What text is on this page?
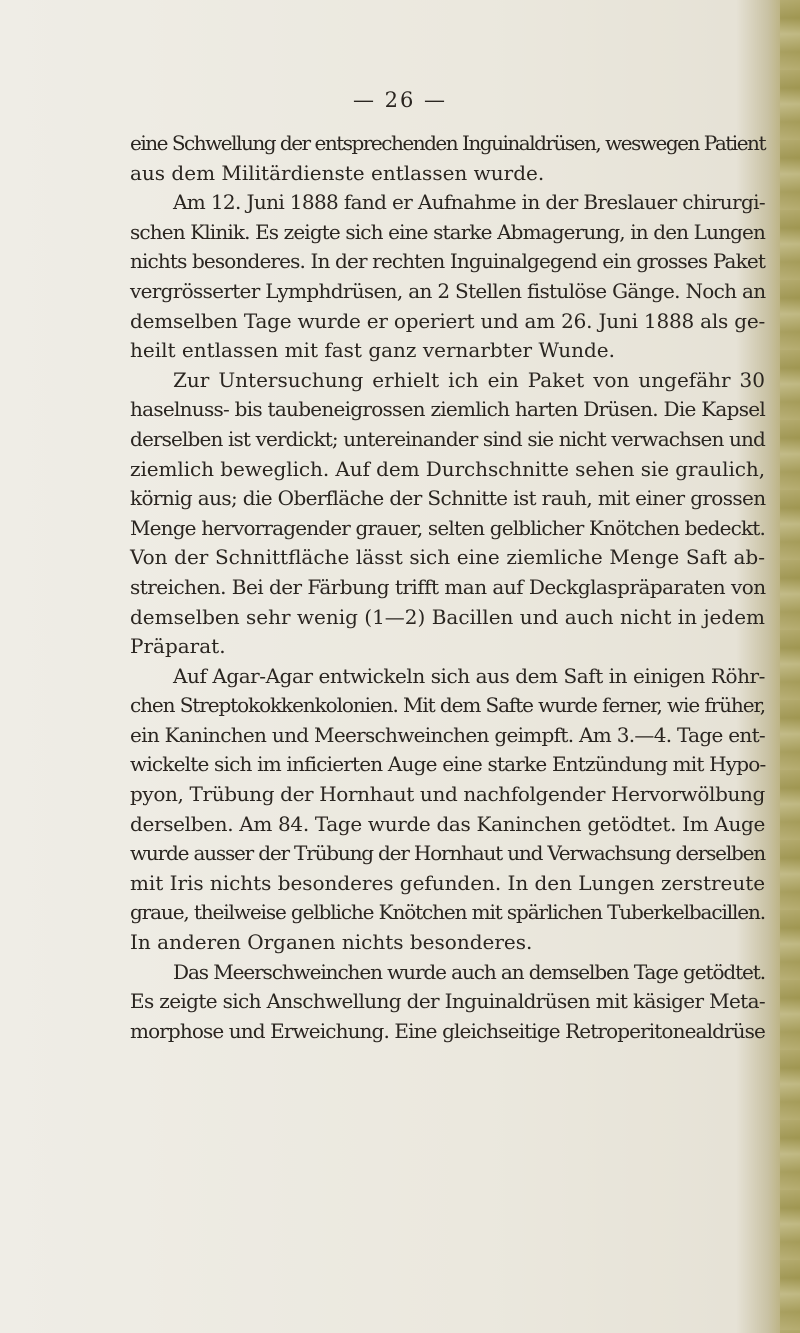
— 26 —
eine Schwellung der entsprechenden Inguinaldrüsen, weswegen Patient
aus dem Militärdienste entlassen wurde.
Am 12. Juni 1888 fand er Aufnahme in der Breslauer chirurgi-
schen Klinik. Es zeigte sich eine starke Abmagerung, in den Lungen
nichts besonderes. In der rechten Inguinalgegend ein grosses Paket
vergrösserter Lymphdrüsen, an 2 Stellen fistulöse Gänge. Noch an
demselben Tage wurde er operiert und am 26. Juni 1888 als ge-
heilt entlassen mit fast ganz vernarbter Wunde.
Zur Untersuchung erhielt ich ein Paket von ungefähr 30
haselnuss- bis taubeneigrossen ziemlich harten Drüsen. Die Kapsel
derselben ist verdickt; untereinander sind sie nicht verwachsen und
ziemlich beweglich. Auf dem Durchschnitte sehen sie graulich,
körnig aus; die Oberfläche der Schnitte ist rauh, mit einer grossen
Menge hervorragender grauer, selten gelblicher Knötchen bedeckt.
Von der Schnittfläche lässt sich eine ziemliche Menge Saft ab-
streichen. Bei der Färbung trifft man auf Deckglaspräparaten von
demselben sehr wenig (1—2) Bacillen und auch nicht in jedem
Präparat.
Auf Agar-Agar entwickeln sich aus dem Saft in einigen Röhr-
chen Streptokokkenkolonien. Mit dem Safte wurde ferner, wie früher,
ein Kaninchen und Meerschweinchen geimpft. Am 3.—4. Tage ent-
wickelte sich im inficierten Auge eine starke Entzündung mit Hypo-
pyon, Trübung der Hornhaut und nachfolgender Hervorwölbung
derselben. Am 84. Tage wurde das Kaninchen getödtet. Im Auge
wurde ausser der Trübung der Hornhaut und Verwachsung derselben
mit Iris nichts besonderes gefunden. In den Lungen zerstreute
graue, theilweise gelbliche Knötchen mit spärlichen Tuberkelbacillen.
In anderen Organen nichts besonderes.
Das Meerschweinchen wurde auch an demselben Tage getödtet.
Es zeigte sich Anschwellung der Inguinaldrüsen mit käsiger Meta-
morphose und Erweichung. Eine gleichseitige Retroperitonealdrüse
